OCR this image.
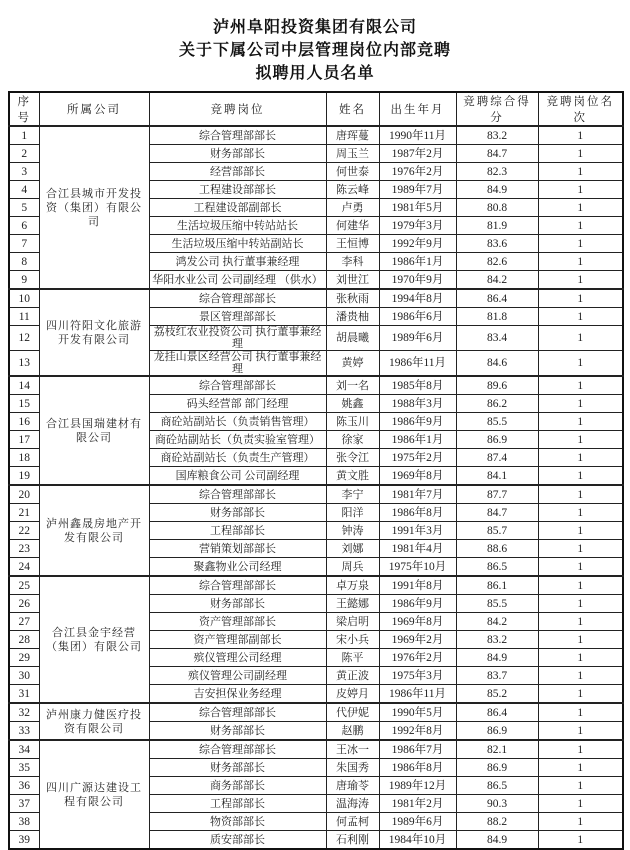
泸州阜阳投资集团有限公司
关于下属公司中层管理岗位内部竞聘
拟聘用人员名单
序号	所属公司	竞聘岗位	姓名	出生年月	竞聘综合得分	竞聘岗位名次
1	合江县城市开发投资（集团）有限公司	综合管理部部长	唐珲蔓	1990年11月	83.2	1
2		财务部部长	周玉兰	1987年2月	84.7	1
3		经营部部长	何世泰	1976年2月	82.3	1
4		工程建设部部长	陈云峰	1989年7月	84.9	1
5		工程建设部副部长	卢勇	1981年5月	80.8	1
6		生活垃圾压缩中转站站长	何建华	1979年3月	81.9	1
7		生活垃圾压缩中转站副站长	王恒博	1992年9月	83.6	1
8		鸿发公司 执行董事兼经理	李科	1986年1月	82.6	1
9		华阳水业公司 公司副经理 （供水）	刘世江	1970年9月	84.2	1
10	四川符阳文化旅游开发有限公司	综合管理部部长	张秋雨	1994年8月	86.4	1
11		景区管理部部长	潘贵柚	1986年6月	81.8	1
12		荔枝红农业投资公司 执行董事兼经理	胡晨曦	1989年6月	83.4	1
13		龙挂山景区经营公司 执行董事兼经理	黄婷	1986年11月	84.6	1
14	合江县国瑞建材有限公司	综合管理部部长	刘一名	1985年8月	89.6	1
15		码头经营部 部门经理	姚鑫	1988年3月	86.2	1
16		商砼站副站长（负责销售管理）	陈玉川	1986年9月	85.5	1
17		商砼站副站长（负责实验室管理）	徐家	1986年1月	86.9	1
18		商砼站副站长（负责生产管理）	张令江	1975年2月	87.4	1
19		国库粮食公司 公司副经理	黄文胜	1969年8月	84.1	1
20	泸州鑫晟房地产开发有限公司	综合管理部部长	李宁	1981年7月	87.7	1
21		财务部部长	阳洋	1986年8月	84.7	1
22		工程部部长	钟涛	1991年3月	85.7	1
23		营销策划部部长	刘娜	1981年4月	88.6	1
24		聚鑫物业公司经理	周兵	1975年10月	86.5	1
25	合江县金宇经营（集团）有限公司	综合管理部部长	卓万泉	1991年8月	86.1	1
26		财务部部长	王懿娜	1986年9月	85.5	1
27		资产管理部部长	梁启明	1969年8月	84.2	1
28		资产管理部副部长	宋小兵	1969年2月	83.2	1
29		殡仪管理公司经理	陈平	1976年2月	84.9	1
30		殡仪管理公司副经理	黄正波	1975年3月	83.7	1
31		吉安担保业务经理	皮婷月	1986年11月	85.2	1
32	泸州康力健医疗投资有限公司	综合管理部部长	代伊妮	1990年5月	86.4	1
33		财务部部长	赵鹏	1992年8月	86.9	1
34	四川广源达建设工程有限公司	综合管理部部长	王冰一	1986年7月	82.1	1
35		财务部部长	朱国秀	1986年8月	86.9	1
36		商务部部长	唐瑜苓	1989年12月	86.5	1
37		工程部部长	温海涛	1981年2月	90.3	1
38		物资部部长	何孟柯	1989年6月	88.2	1
39		质安部部长	石利刚	1984年10月	84.9	1
